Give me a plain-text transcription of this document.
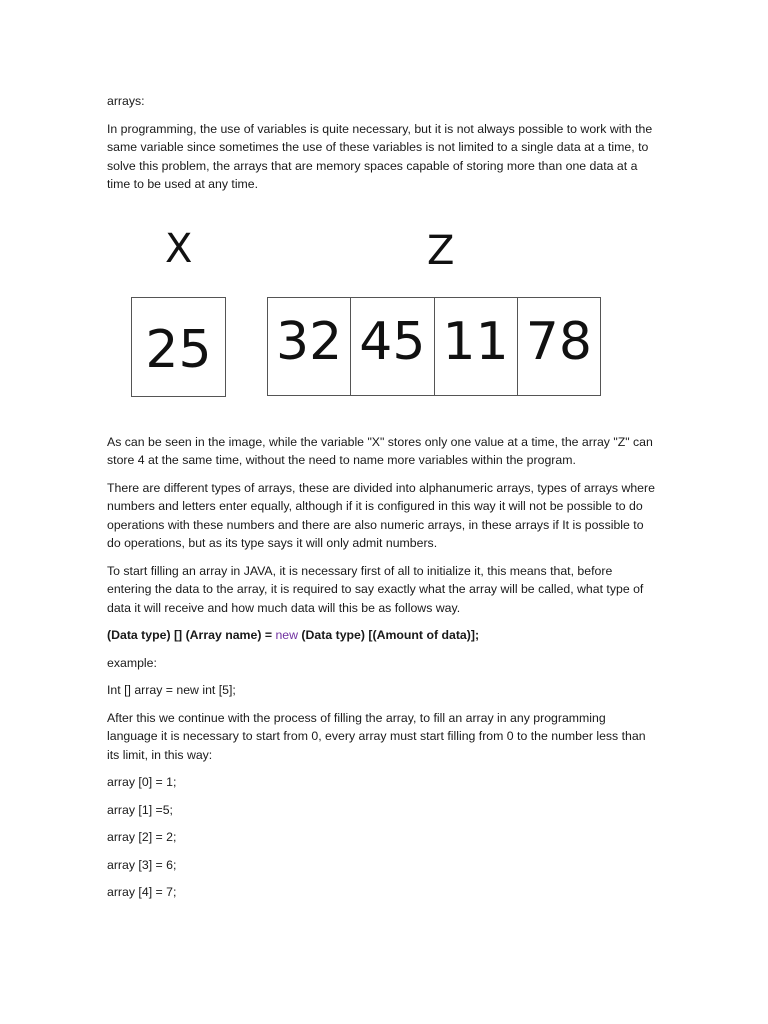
arrays:

In programming, the use of variables is quite necessary, but it is not always possible to work with the same variable since sometimes the use of these variables is not limited to a single data at a time, to solve this problem, the arrays that are memory spaces capable of storing more than one data at a time to be used at any time.

X	Z
25 32 45 11 78

As can be seen in the image, while the variable "X" stores only one value at a time, the array "Z" can store 4 at the same time, without the need to name more variables within the program.

There are different types of arrays, these are divided into alphanumeric arrays, types of arrays where numbers and letters enter equally, although if it is configured in this way it will not be possible to do operations with these numbers and there are also numeric arrays, in these arrays if It is possible to do operations, but as its type says it will only admit numbers.

To start filling an array in JAVA, it is necessary first of all to initialize it, this means that, before entering the data to the array, it is required to say exactly what the array will be called, what type of data it will receive and how much data will this be as follows way.

(Data type) [] (Array name) = new (Data type) [(Amount of data)];

example:

Int [] array = new int [5];

After this we continue with the process of filling the array, to fill an array in any programming language it is necessary to start from 0, every array must start filling from 0 to the number less than its limit, in this way:

array [0] = 1;

array [1] =5;

array [2] = 2;

array [3] = 6;

array [4] = 7;
